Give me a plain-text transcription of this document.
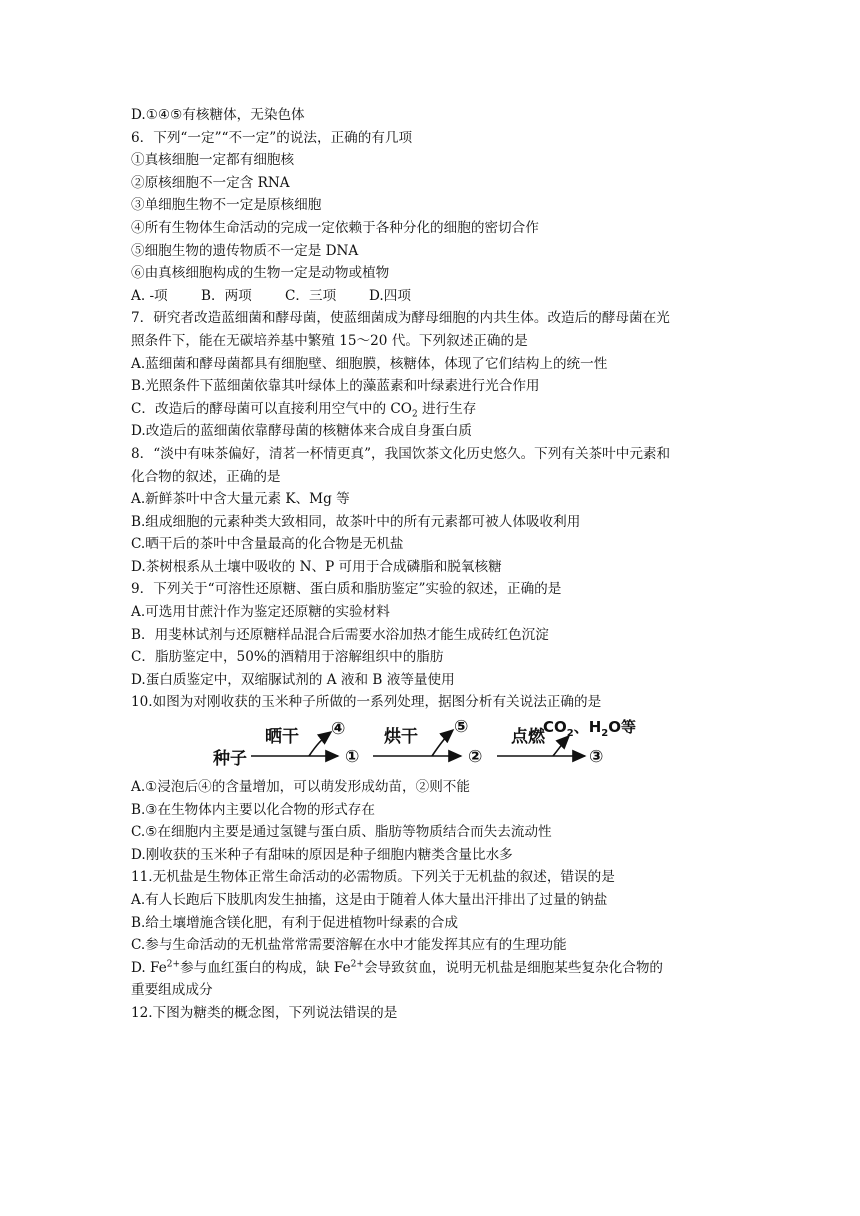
D.①④⑤有核糖体，无染色体
6．下列“一定”“不一定”的说法，正确的有几项
①真核细胞一定都有细胞核
②原核细胞不一定含 RNA
③单细胞生物不一定是原核细胞
④所有生物体生命活动的完成一定依赖于各种分化的细胞的密切合作
⑤细胞生物的遗传物质不一定是 DNA
⑥由真核细胞构成的生物一定是动物或植物
A. -项 B．两项 C．三项 D.四项
7．研究者改造蓝细菌和酵母菌，使蓝细菌成为酵母细胞的内共生体。改造后的酵母菌在光
照条件下，能在无碳培养基中繁殖 15～20 代。下列叙述正确的是
A.蓝细菌和酵母菌都具有细胞壁、细胞膜，核糖体，体现了它们结构上的统一性
B.光照条件下蓝细菌依靠其叶绿体上的藻蓝素和叶绿素进行光合作用
C．改造后的酵母菌可以直接利用空气中的 $CO_2$ 进行生存
D.改造后的蓝细菌依靠酵母菌的核糖体来合成自身蛋白质
8．“淡中有味茶偏好，清茗一杯情更真”，我国饮茶文化历史悠久。下列有关茶叶中元素和
化合物的叙述，正确的是
A.新鲜茶叶中含大量元素 K、Mg 等
B.组成细胞的元素种类大致相同，故茶叶中的所有元素都可被人体吸收利用
C.晒干后的茶叶中含量最高的化合物是无机盐
D.茶树根系从土壤中吸收的 N、P 可用于合成磷脂和脱氧核糖
9．下列关于“可溶性还原糖、蛋白质和脂肪鉴定”实验的叙述，正确的是
A.可选用甘蔗汁作为鉴定还原糖的实验材料
B．用斐林试剂与还原糖样品混合后需要水浴加热才能生成砖红色沉淀
C．脂肪鉴定中，50%的酒精用于溶解组织中的脂肪
D.蛋白质鉴定中，双缩脲试剂的 A 液和 B 液等量使用
10.如图为对刚收获的玉米种子所做的一系列处理，据图分析有关说法正确的是
种子
晒干 ④
①
烘干 ⑤
②
点燃
$CO_2$、$H_2O$等
③
A.①浸泡后④的含量增加，可以萌发形成幼苗，②则不能
B.③在生物体内主要以化合物的形式存在
C.⑤在细胞内主要是通过氢键与蛋白质、脂肪等物质结合而失去流动性
D.刚收获的玉米种子有甜味的原因是种子细胞内糖类含量比水多
11.无机盐是生物体正常生命活动的必需物质。下列关于无机盐的叙述，错误的是
A.有人长跑后下肢肌肉发生抽搐，这是由于随着人体大量出汗排出了过量的钠盐
B.给土壤增施含镁化肥，有利于促进植物叶绿素的合成
C.参与生命活动的无机盐常常需要溶解在水中才能发挥其应有的生理功能
D. $Fe^{2+}$参与血红蛋白的构成，缺 $Fe^{2+}$会导致贫血，说明无机盐是细胞某些复杂化合物的
重要组成成分
12.下图为糖类的概念图，下列说法错误的是
